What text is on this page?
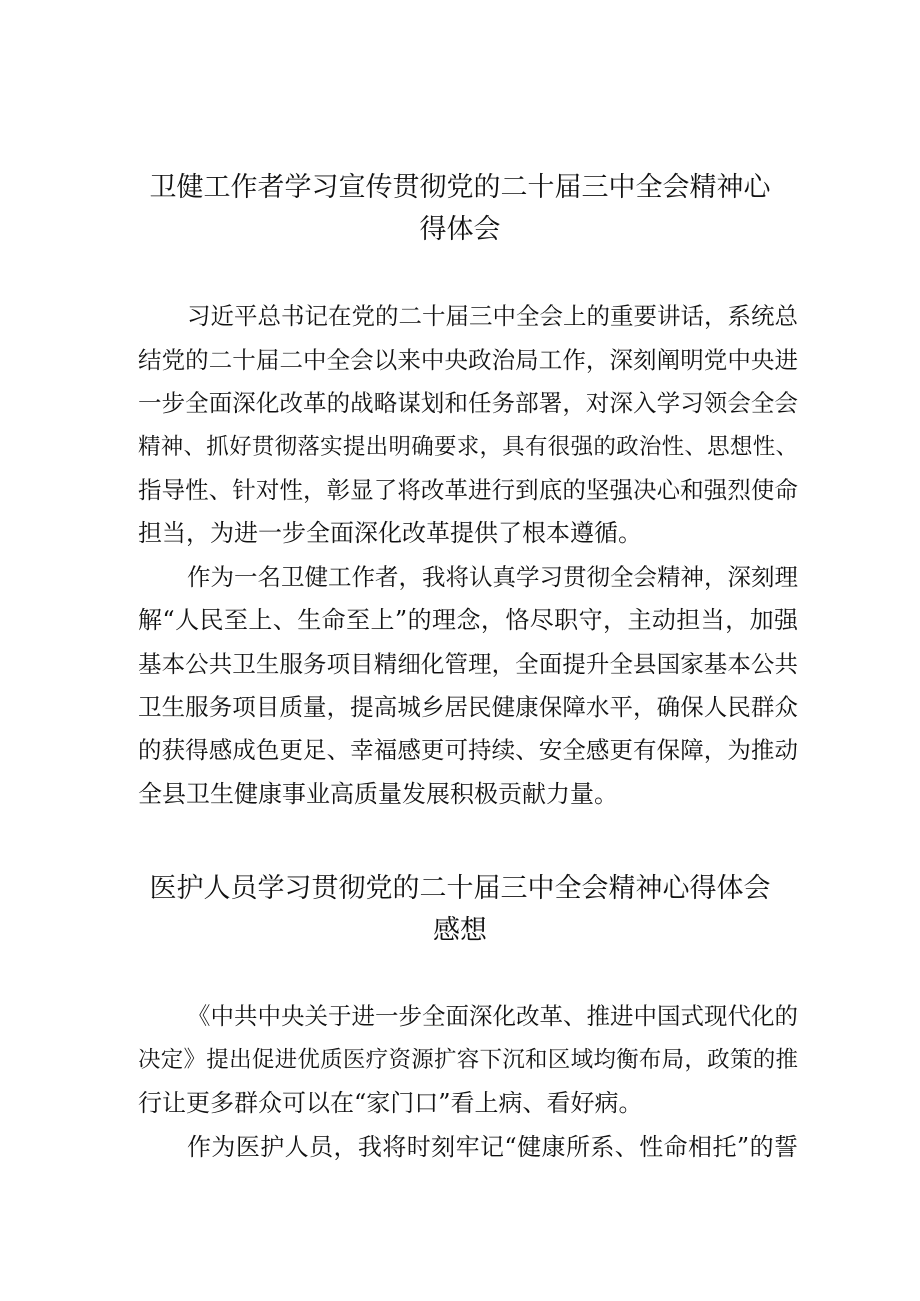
卫健工作者学习宣传贯彻党的二十届三中全会精神心
得体会
习近平总书记在党的二十届三中全会上的重要讲话，系统总
结党的二十届二中全会以来中央政治局工作，深刻阐明党中央进
一步全面深化改革的战略谋划和任务部署，对深入学习领会全会
精神、抓好贯彻落实提出明确要求，具有很强的政治性、思想性、
指导性、针对性，彰显了将改革进行到底的坚强决心和强烈使命
担当，为进一步全面深化改革提供了根本遵循。
作为一名卫健工作者，我将认真学习贯彻全会精神，深刻理
解“人民至上、生命至上”的理念，恪尽职守，主动担当，加强
基本公共卫生服务项目精细化管理，全面提升全县国家基本公共
卫生服务项目质量，提高城乡居民健康保障水平，确保人民群众
的获得感成色更足、幸福感更可持续、安全感更有保障，为推动
全县卫生健康事业高质量发展积极贡献力量。
医护人员学习贯彻党的二十届三中全会精神心得体会
感想
《中共中央关于进一步全面深化改革、推进中国式现代化的
决定》提出促进优质医疗资源扩容下沉和区域均衡布局，政策的推
行让更多群众可以在“家门口”看上病、看好病。
作为医护人员，我将时刻牢记“健康所系、性命相托”的誓
